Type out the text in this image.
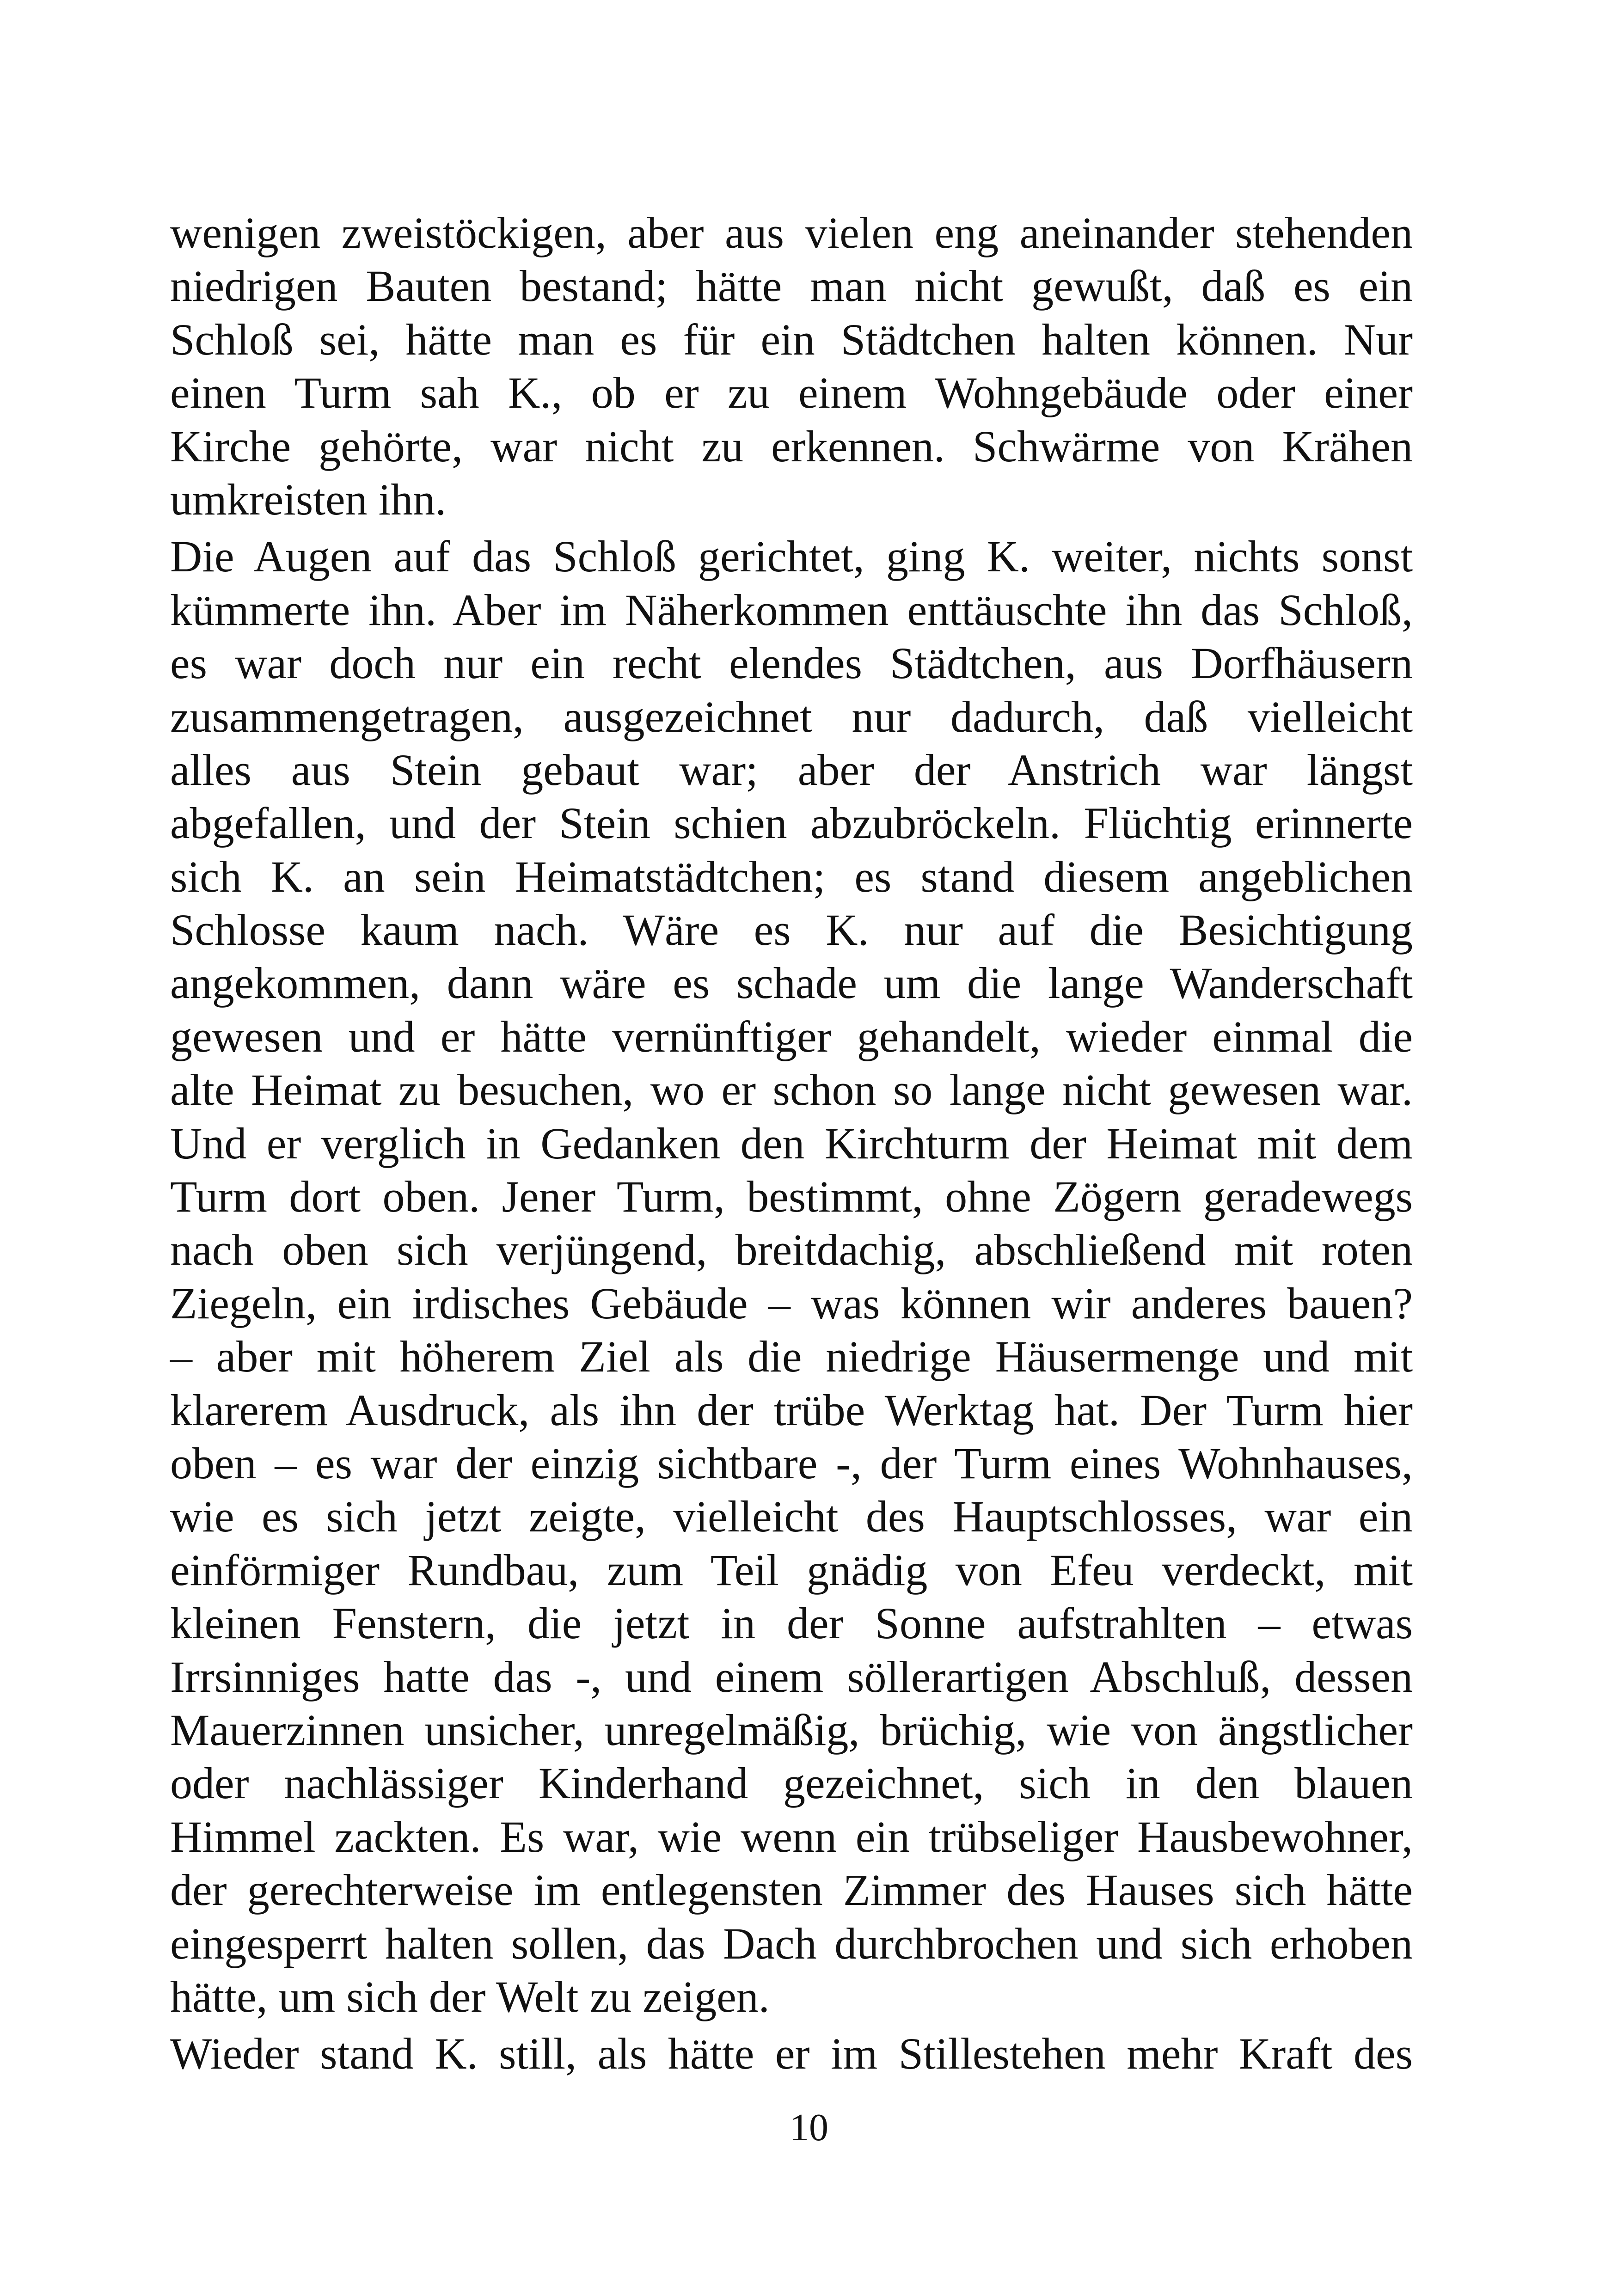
wenigen zweistöckigen, aber aus vielen eng aneinander stehenden
niedrigen Bauten bestand; hätte man nicht gewußt, daß es ein
Schloß sei, hätte man es für ein Städtchen halten können. Nur
einen Turm sah K., ob er zu einem Wohngebäude oder einer
Kirche gehörte, war nicht zu erkennen. Schwärme von Krähen
umkreisten ihn.
Die Augen auf das Schloß gerichtet, ging K. weiter, nichts sonst
kümmerte ihn. Aber im Näherkommen enttäuschte ihn das Schloß,
es war doch nur ein recht elendes Städtchen, aus Dorfhäusern
zusammengetragen, ausgezeichnet nur dadurch, daß vielleicht
alles aus Stein gebaut war; aber der Anstrich war längst
abgefallen, und der Stein schien abzubröckeln. Flüchtig erinnerte
sich K. an sein Heimatstädtchen; es stand diesem angeblichen
Schlosse kaum nach. Wäre es K. nur auf die Besichtigung
angekommen, dann wäre es schade um die lange Wanderschaft
gewesen und er hätte vernünftiger gehandelt, wieder einmal die
alte Heimat zu besuchen, wo er schon so lange nicht gewesen war.
Und er verglich in Gedanken den Kirchturm der Heimat mit dem
Turm dort oben. Jener Turm, bestimmt, ohne Zögern geradewegs
nach oben sich verjüngend, breitdachig, abschließend mit roten
Ziegeln, ein irdisches Gebäude – was können wir anderes bauen?
– aber mit höherem Ziel als die niedrige Häusermenge und mit
klarerem Ausdruck, als ihn der trübe Werktag hat. Der Turm hier
oben – es war der einzig sichtbare -, der Turm eines Wohnhauses,
wie es sich jetzt zeigte, vielleicht des Hauptschlosses, war ein
einförmiger Rundbau, zum Teil gnädig von Efeu verdeckt, mit
kleinen Fenstern, die jetzt in der Sonne aufstrahlten – etwas
Irrsinniges hatte das -, und einem söllerartigen Abschluß, dessen
Mauerzinnen unsicher, unregelmäßig, brüchig, wie von ängstlicher
oder nachlässiger Kinderhand gezeichnet, sich in den blauen
Himmel zackten. Es war, wie wenn ein trübseliger Hausbewohner,
der gerechterweise im entlegensten Zimmer des Hauses sich hätte
eingesperrt halten sollen, das Dach durchbrochen und sich erhoben
hätte, um sich der Welt zu zeigen.
Wieder stand K. still, als hätte er im Stillestehen mehr Kraft des
10
